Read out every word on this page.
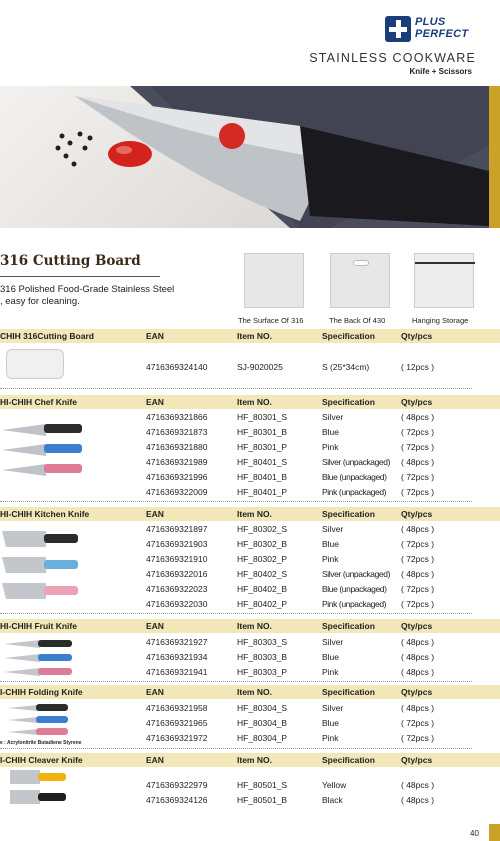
PLUS
PERFECT
STAINLESS COOKWARE
Knife + Scissors
316 Cutting Board
316 Polished Food-Grade Stainless Steel
, easy for cleaning.
The Surface Of 316	The Back Of 430	Hanging Storage
CHIH 316Cutting Board	EAN	Item NO.	Specification	Qty/pcs
4716369324140	SJ-9020025	S (25*34cm)	( 12pcs )
HI-CHIH Chef Knife	EAN	Item NO.	Specification	Qty/pcs
4716369321866	HF_80301_S	Silver	( 48pcs )
4716369321873	HF_80301_B	Blue	( 72pcs )
4716369321880	HF_80301_P	Pink	( 72pcs )
4716369321989	HF_80401_S	Silver (unpackaged) ( 48pcs )
4716369321996	HF_80401_B	Blue (unpackaged) ( 72pcs )
4716369322009	HF_80401_P	Pink (unpackaged) ( 72pcs )
HI-CHIH Kitchen Knife	EAN	Item NO.	Specification	Qty/pcs
4716369321897	HF_80302_S	Silver	( 48pcs )
4716369321903	HF_80302_B	Blue	( 72pcs )
4716369321910	HF_80302_P	Pink	( 72pcs )
4716369322016	HF_80402_S	Silver (unpackaged) ( 48pcs )
4716369322023	HF_80402_B	Blue (unpackaged) ( 72pcs )
4716369322030	HF_80402_P	Pink (unpackaged) ( 72pcs )
HI-CHIH Fruit Knife	EAN	Item NO.	Specification	Qty/pcs
4716369321927	HF_80303_S	Silver	( 48pcs )
4716369321934	HF_80303_B	Blue	( 48pcs )
4716369321941	HF_80303_P	Pink	( 48pcs )
I-CHIH Folding Knife	EAN	Item NO.	Specification	Qty/pcs
4716369321958	HF_80304_S	Silver	( 48pcs )
4716369321965	HF_80304_B	Blue	( 72pcs )
4716369321972	HF_80304_P	Pink	( 72pcs )
e : Acrylonitrile Butadiene Styrene
I-CHIH Cleaver Knife	EAN	Item NO.	Specification	Qty/pcs
4716369322979	HF_80501_S	Yellow	( 48pcs )
4716369324126	HF_80501_B	Black	( 48pcs )
40
